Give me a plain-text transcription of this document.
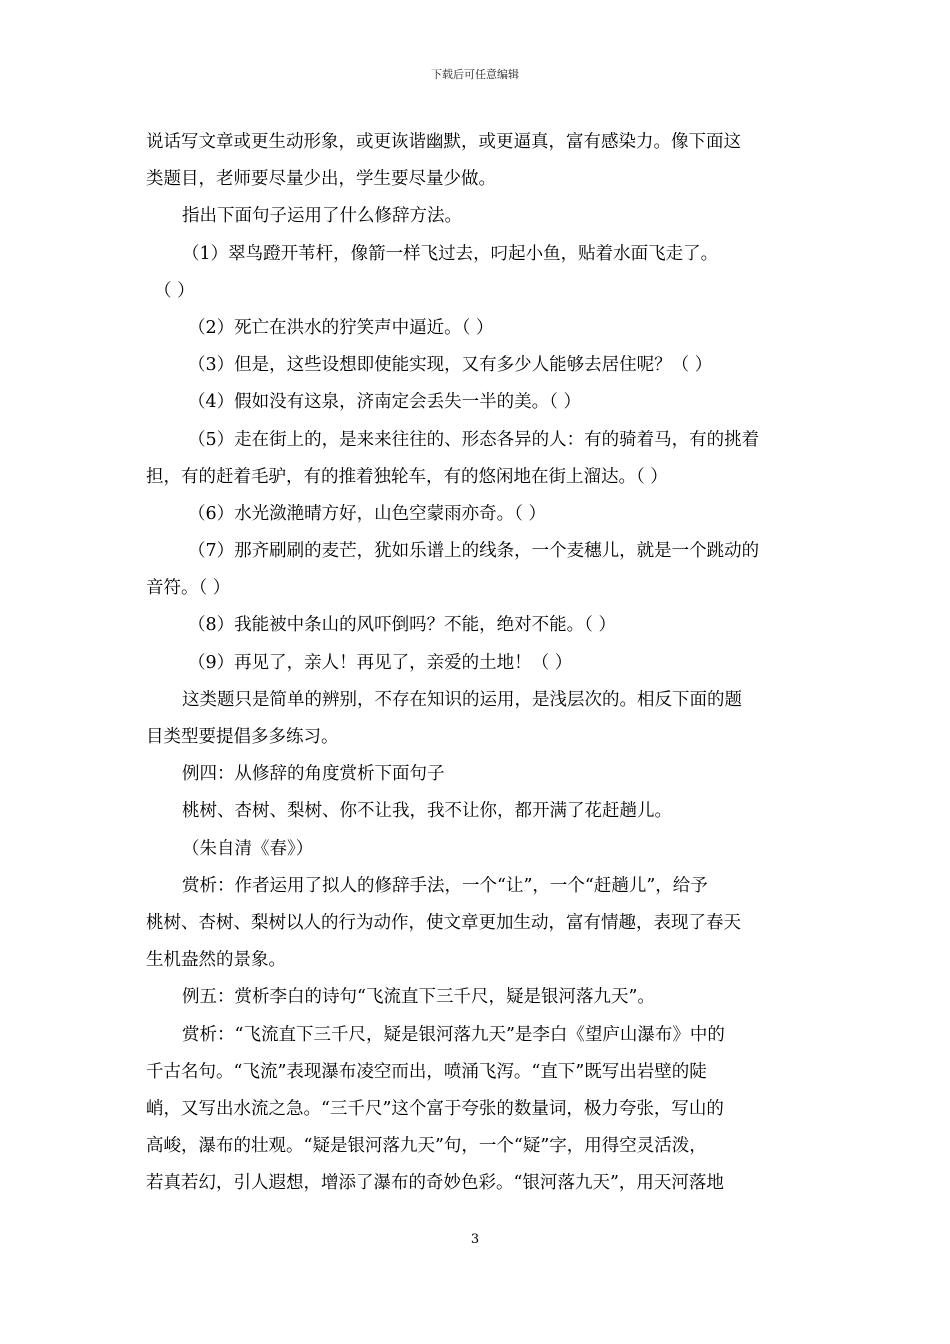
下载后可任意编辑
说话写文章或更生动形象，或更诙谐幽默，或更逼真，富有感染力。像下面这
类题目，老师要尽量少出，学生要尽量少做。
指出下面句子运用了什么修辞方法。
（1）翠鸟蹬开苇杆，像箭一样飞过去，叼起小鱼，贴着水面飞走了。
（ ）
（2）死亡在洪水的狞笑声中逼近。（ ）
（3）但是，这些设想即使能实现，又有多少人能够去居住呢？（ ）
（4）假如没有这泉，济南定会丢失一半的美。（ ）
（5）走在街上的，是来来往往的、形态各异的人：有的骑着马，有的挑着
担，有的赶着毛驴，有的推着独轮车，有的悠闲地在街上溜达。（ ）
（6）水光潋滟晴方好，山色空蒙雨亦奇。（ ）
（7）那齐刷刷的麦芒，犹如乐谱上的线条，一个麦穗儿，就是一个跳动的
音符。（ ）
（8）我能被中条山的风吓倒吗？不能，绝对不能。（ ）
（9）再见了，亲人！再见了，亲爱的土地！（ ）
这类题只是简单的辨别，不存在知识的运用，是浅层次的。相反下面的题
目类型要提倡多多练习。
例四：从修辞的角度赏析下面句子
桃树、杏树、梨树、你不让我，我不让你，都开满了花赶趟儿。
（朱自清《春》）
赏析：作者运用了拟人的修辞手法，一个“让”，一个“赶趟儿”，给予
桃树、杏树、梨树以人的行为动作，使文章更加生动，富有情趣，表现了春天
生机盎然的景象。
例五：赏析李白的诗句“飞流直下三千尺，疑是银河落九天”。
赏析：“飞流直下三千尺，疑是银河落九天”是李白《望庐山瀑布》中的
千古名句。“飞流”表现瀑布凌空而出，喷涌飞泻。“直下”既写出岩壁的陡
峭，又写出水流之急。“三千尺”这个富于夸张的数量词，极力夸张，写山的
高峻，瀑布的壮观。“疑是银河落九天”句，一个“疑”字，用得空灵活泼，
若真若幻，引人遐想，增添了瀑布的奇妙色彩。“银河落九天”，用天河落地
3
